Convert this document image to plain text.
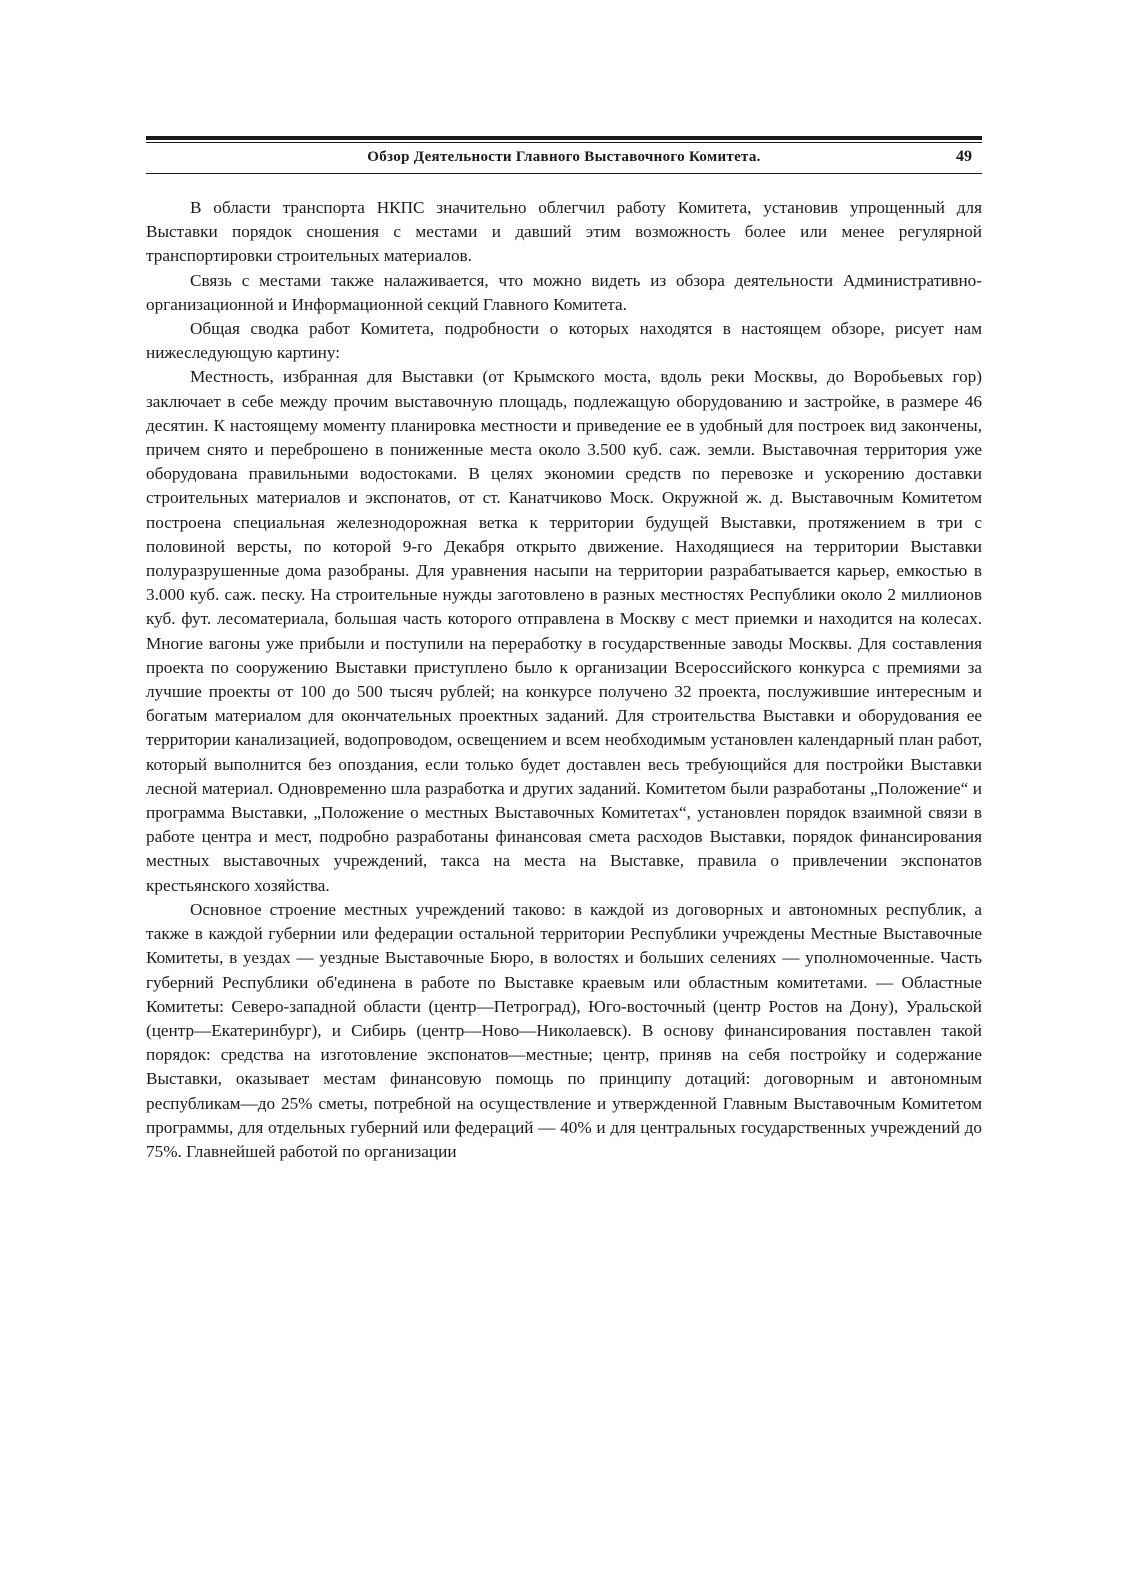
Обзор Деятельности Главного Выставочного Комитета.	49

В области транспорта НКПС значительно облегчил работу Комитета, установив упрощенный для Выставки порядок сношения с местами и давший этим возможность более или менее регулярной транспортировки строительных материалов.

Связь с местами также налаживается, что можно видеть из обзора деятельности Административно-организационной и Информационной секций Главного Комитета.

Общая сводка работ Комитета, подробности о которых находятся в настоящем обзоре, рисует нам нижеследующую картину:

Местность, избранная для Выставки (от Крымского моста, вдоль реки Москвы, до Воробьевых гор) заключает в себе между прочим выставочную площадь, подлежащую оборудованию и застройке, в размере 46 десятин. К настоящему моменту планировка местности и приведение ее в удобный для построек вид закончены, причем снято и переброшено в пониженные места около 3.500 куб. саж. земли. Выставочная территория уже оборудована правильными водостоками. В целях экономии средств по перевозке и ускорению доставки строительных материалов и экспонатов, от ст. Канатчиково Моск. Окружной ж. д. Выставочным Комитетом построена специальная железнодорожная ветка к территории будущей Выставки, протяжением в три с половиной версты, по которой 9-го Декабря открыто движение. Находящиеся на территории Выставки полуразрушенные дома разобраны. Для уравнения насыпи на территории разрабатывается карьер, емкостью в 3.000 куб. саж. песку. На строительные нужды заготовлено в разных местностях Республики около 2 миллионов куб. фут. лесоматериала, большая часть которого отправлена в Москву с мест приемки и находится на колесах. Многие вагоны уже прибыли и поступили на переработку в государственные заводы Москвы. Для составления проекта по сооружению Выставки приступлено было к организации Всероссийского конкурса с премиями за лучшие проекты от 100 до 500 тысяч рублей; на конкурсе получено 32 проекта, послужившие интересным и богатым материалом для окончательных проектных заданий. Для строительства Выставки и оборудования ее территории канализацией, водопроводом, освещением и всем необходимым установлен календарный план работ, который выполнится без опоздания, если только будет доставлен весь требующийся для постройки Выставки лесной материал. Одновременно шла разработка и других заданий. Комитетом были разработаны „Положение“ и программа Выставки, „Положение о местных Выставочных Комитетах“, установлен порядок взаимной связи в работе центра и мест, подробно разработаны финансовая смета расходов Выставки, порядок финансирования местных выставочных учреждений, такса на места на Выставке, правила о привлечении экспонатов крестьянского хозяйства.

Основное строение местных учреждений таково: в каждой из договорных и автономных республик, а также в каждой губернии или федерации остальной территории Республики учреждены Местные Выставочные Комитеты, в уездах — уездные Выставочные Бюро, в волостях и больших селениях — уполномоченные. Часть губерний Республики об'единена в работе по Выставке краевым или областным комитетами. — Областные Комитеты: Северо-западной области (центр—Петроград), Юго-восточный (центр Ростов на Дону), Уральской (центр—Екатеринбург), и Сибирь (центр—Ново—Николаевск). В основу финансирования поставлен такой порядок: средства на изготовление экспонатов—местные; центр, приняв на себя постройку и содержание Выставки, оказывает местам финансовую помощь по принципу дотаций: договорным и автономным республикам—до 25% сметы, потребной на осуществление и утвержденной Главным Выставочным Комитетом программы, для отдельных губерний или федераций — 40% и для центральных государственных учреждений до 75%. Главнейшей работой по организации
